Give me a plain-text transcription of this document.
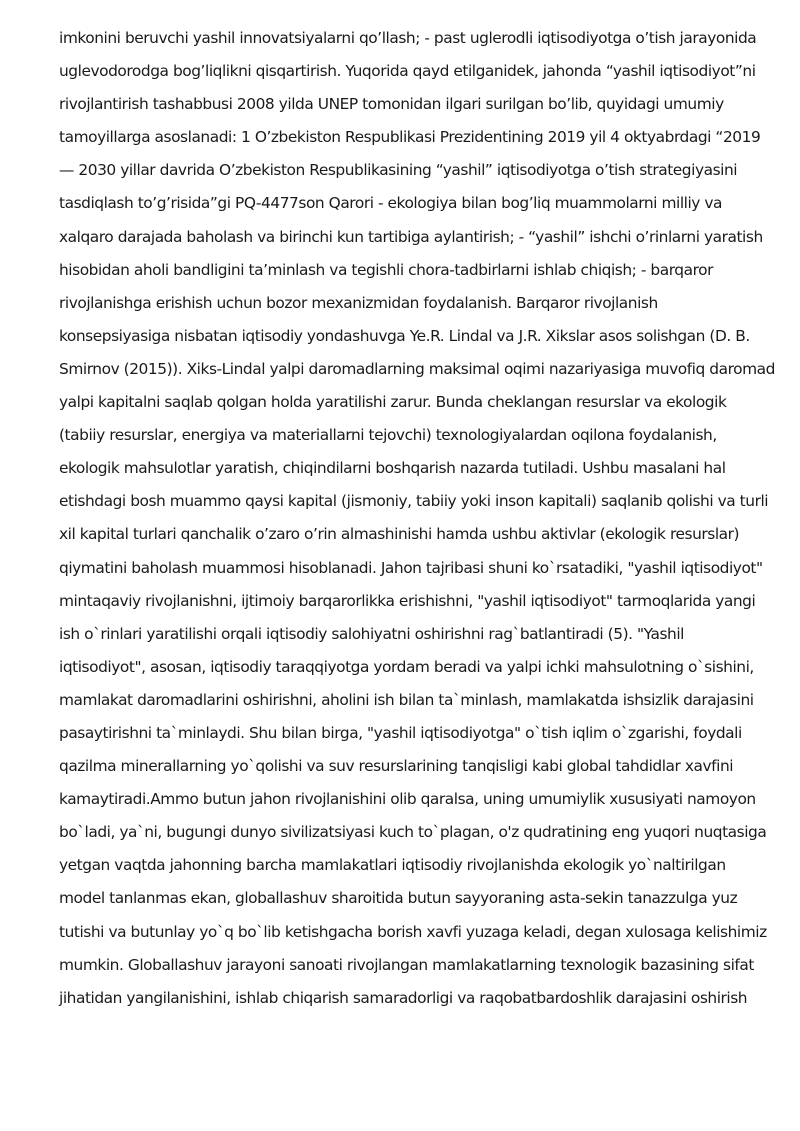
imkonini beruvchi yashil innovatsiyalarni qo’llash; - past uglerodli iqtisodiyotga o’tish jarayonida
uglevodorodga bog’liqlikni qisqartirish. Yuqorida qayd etilganidek, jahonda “yashil iqtisodiyot”ni
rivojlantirish tashabbusi 2008 yilda UNEP tomonidan ilgari surilgan bo’lib, quyidagi umumiy
tamoyillarga asoslanadi: 1 O’zbekiston Respublikasi Prezidentining 2019 yil 4 oktyabrdagi “2019
— 2030 yillar davrida O’zbekiston Respublikasining “yashil” iqtisodiyotga o’tish strategiyasini
tasdiqlash to’g’risida”gi PQ-4477son Qarori - ekologiya bilan bog’liq muammolarni milliy va
xalqaro darajada baholash va birinchi kun tartibiga aylantirish; - “yashil” ishchi o’rinlarni yaratish
hisobidan aholi bandligini ta’minlash va tegishli chora-tadbirlarni ishlab chiqish; - barqaror
rivojlanishga erishish uchun bozor mexanizmidan foydalanish. Barqaror rivojlanish
konsepsiyasiga nisbatan iqtisodiy yondashuvga Ye.R. Lindal va J.R. Xikslar asos solishgan (D. B.
Smirnov (2015)). Xiks-Lindal yalpi daromadlarning maksimal oqimi nazariyasiga muvofiq daromad
yalpi kapitalni saqlab qolgan holda yaratilishi zarur. Bunda cheklangan resurslar va ekologik
(tabiiy resurslar, energiya va materiallarni tejovchi) texnologiyalardan oqilona foydalanish,
ekologik mahsulotlar yaratish, chiqindilarni boshqarish nazarda tutiladi. Ushbu masalani hal
etishdagi bosh muammo qaysi kapital (jismoniy, tabiiy yoki inson kapitali) saqlanib qolishi va turli
xil kapital turlari qanchalik o’zaro o’rin almashinishi hamda ushbu aktivlar (ekologik resurslar)
qiymatini baholash muammosi hisoblanadi. Jahon tajribasi shuni ko`rsatadiki, "yashil iqtisodiyot"
mintaqaviy rivojlanishni, ijtimoiy barqarorlikka erishishni, "yashil iqtisodiyot" tarmoqlarida yangi
ish o`rinlari yaratilishi orqali iqtisodiy salohiyatni oshirishni rag`batlantiradi (5). "Yashil
iqtisodiyot", asosan, iqtisodiy taraqqiyotga yordam beradi va yalpi ichki mahsulotning o`sishini,
mamlakat daromadlarini oshirishni, aholini ish bilan ta`minlash, mamlakatda ishsizlik darajasini
pasaytirishni ta`minlaydi. Shu bilan birga, "yashil iqtisodiyotga" o`tish iqlim o`zgarishi, foydali
qazilma minerallarning yo`qolishi va suv resurslarining tanqisligi kabi global tahdidlar xavfini
kamaytiradi.Ammo butun jahon rivojlanishini olib qaralsa, uning umumiylik xususiyati namoyon
bo`ladi, ya`ni, bugungi dunyo sivilizatsiyasi kuch to`plagan, o'z qudratining eng yuqori nuqtasiga
yetgan vaqtda jahonning barcha mamlakatlari iqtisodiy rivojlanishda ekologik yo`naltirilgan
model tanlanmas ekan, globallashuv sharoitida butun sayyoraning asta-sekin tanazzulga yuz
tutishi va butunlay yo`q bo`lib ketishgacha borish xavfi yuzaga keladi, degan xulosaga kelishimiz
mumkin. Globallashuv jarayoni sanoati rivojlangan mamlakatlarning texnologik bazasining sifat
jihatidan yangilanishini, ishlab chiqarish samaradorligi va raqobatbardoshlik darajasini oshirish
